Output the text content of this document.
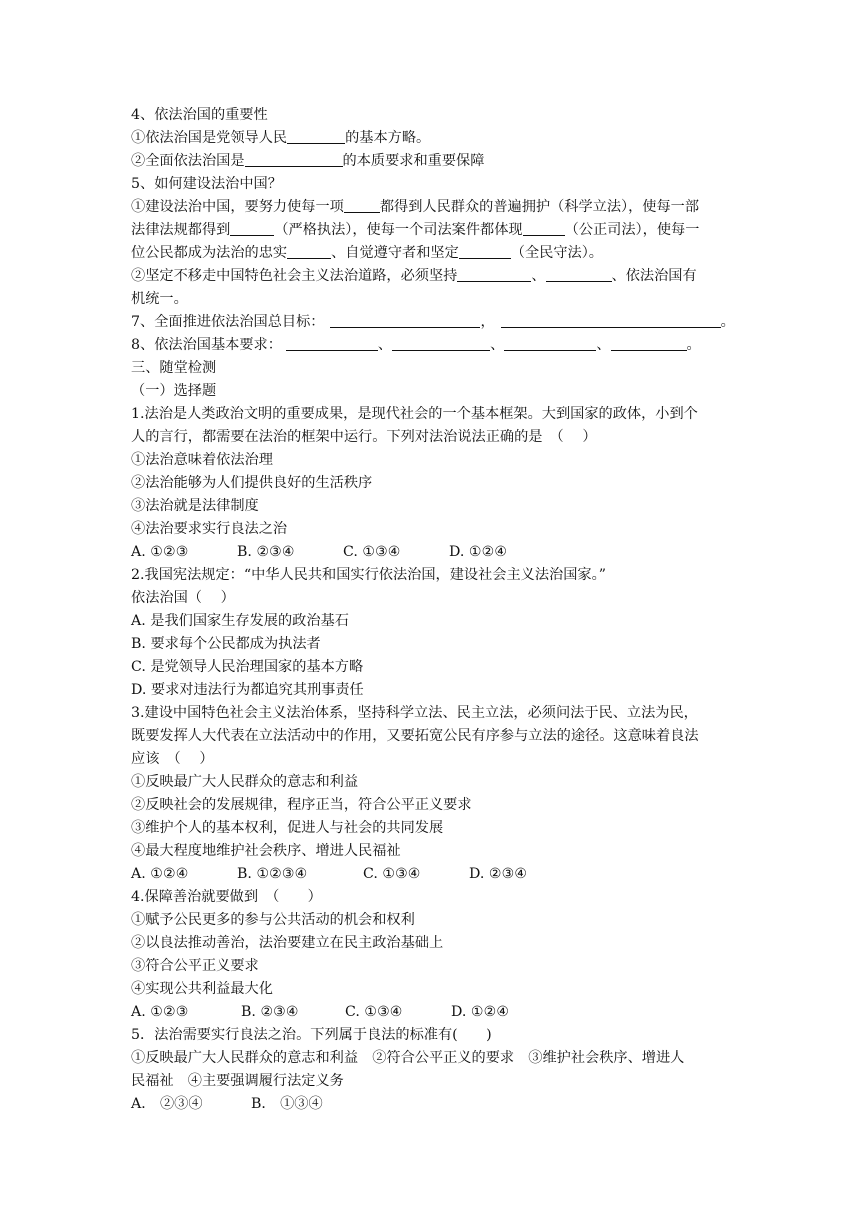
4、依法治国的重要性
①依法治国是党领导人民	的基本方略。
②全面依法治国是	的本质要求和重要保障
5、如何建设法治中国？
①建设法治中国，要努力使每一项	都得到人民群众的普遍拥护（科学立法），使每一部
法律法规都得到	（严格执法），使每一个司法案件都体现	（公正司法），使每一
位公民都成为法治的忠实	、自觉遵守者和坚定	（全民守法）。
②坚定不移走中国特色社会主义法治道路，必须坚持	、	、依法治国有
机统一。
7、全面推进依法治国总目标：	，	。
8、依法治国基本要求：	、	、	、	。
三、随堂检测
（一）选择题
1.法治是人类政治文明的重要成果，是现代社会的一个基本框架。大到国家的政体，小到个
人的言行，都需要在法治的框架中运行。下列对法治说法正确的是　（　 ）
①法治意味着依法治理
②法治能够为人们提供良好的生活秩序
③法治就是法律制度
④法治要求实行良法之治
A. ①②③	B. ②③④	C. ①③④	D. ①②④
2.我国宪法规定：“中华人民共和国实行依法治国，建设社会主义法治国家。”
依法治国（　 ）
A. 是我们国家生存发展的政治基石
B. 要求每个公民都成为执法者
C. 是党领导人民治理国家的基本方略
D. 要求对违法行为都追究其刑事责任
3.建设中国特色社会主义法治体系，坚持科学立法、民主立法，必须问法于民、立法为民，
既要发挥人大代表在立法活动中的作用，又要拓宽公民有序参与立法的途径。这意味着良法
应该　（　 ）
①反映最广大人民群众的意志和利益
②反映社会的发展规律，程序正当，符合公平正义要求
③维护个人的基本权利，促进人与社会的共同发展
④最大程度地维护社会秩序、增进人民福祉
A. ①②④	B. ①②③④	C. ①③④	D. ②③④
4.保障善治就要做到　（　　）
①赋予公民更多的参与公共活动的机会和权利
②以良法推动善治，法治要建立在民主政治基础上
③符合公平正义要求
④实现公共利益最大化
A. ①②③	B. ②③④	C. ①③④	D. ①②④
5．法治需要实行良法之治。下列属于良法的标准有(　　)
①反映最广大人民群众的意志和利益　②符合公平正义的要求　③维护社会秩序、增进人
民福祉　④主要强调履行法定义务
A． ②③④	B． ①③④
